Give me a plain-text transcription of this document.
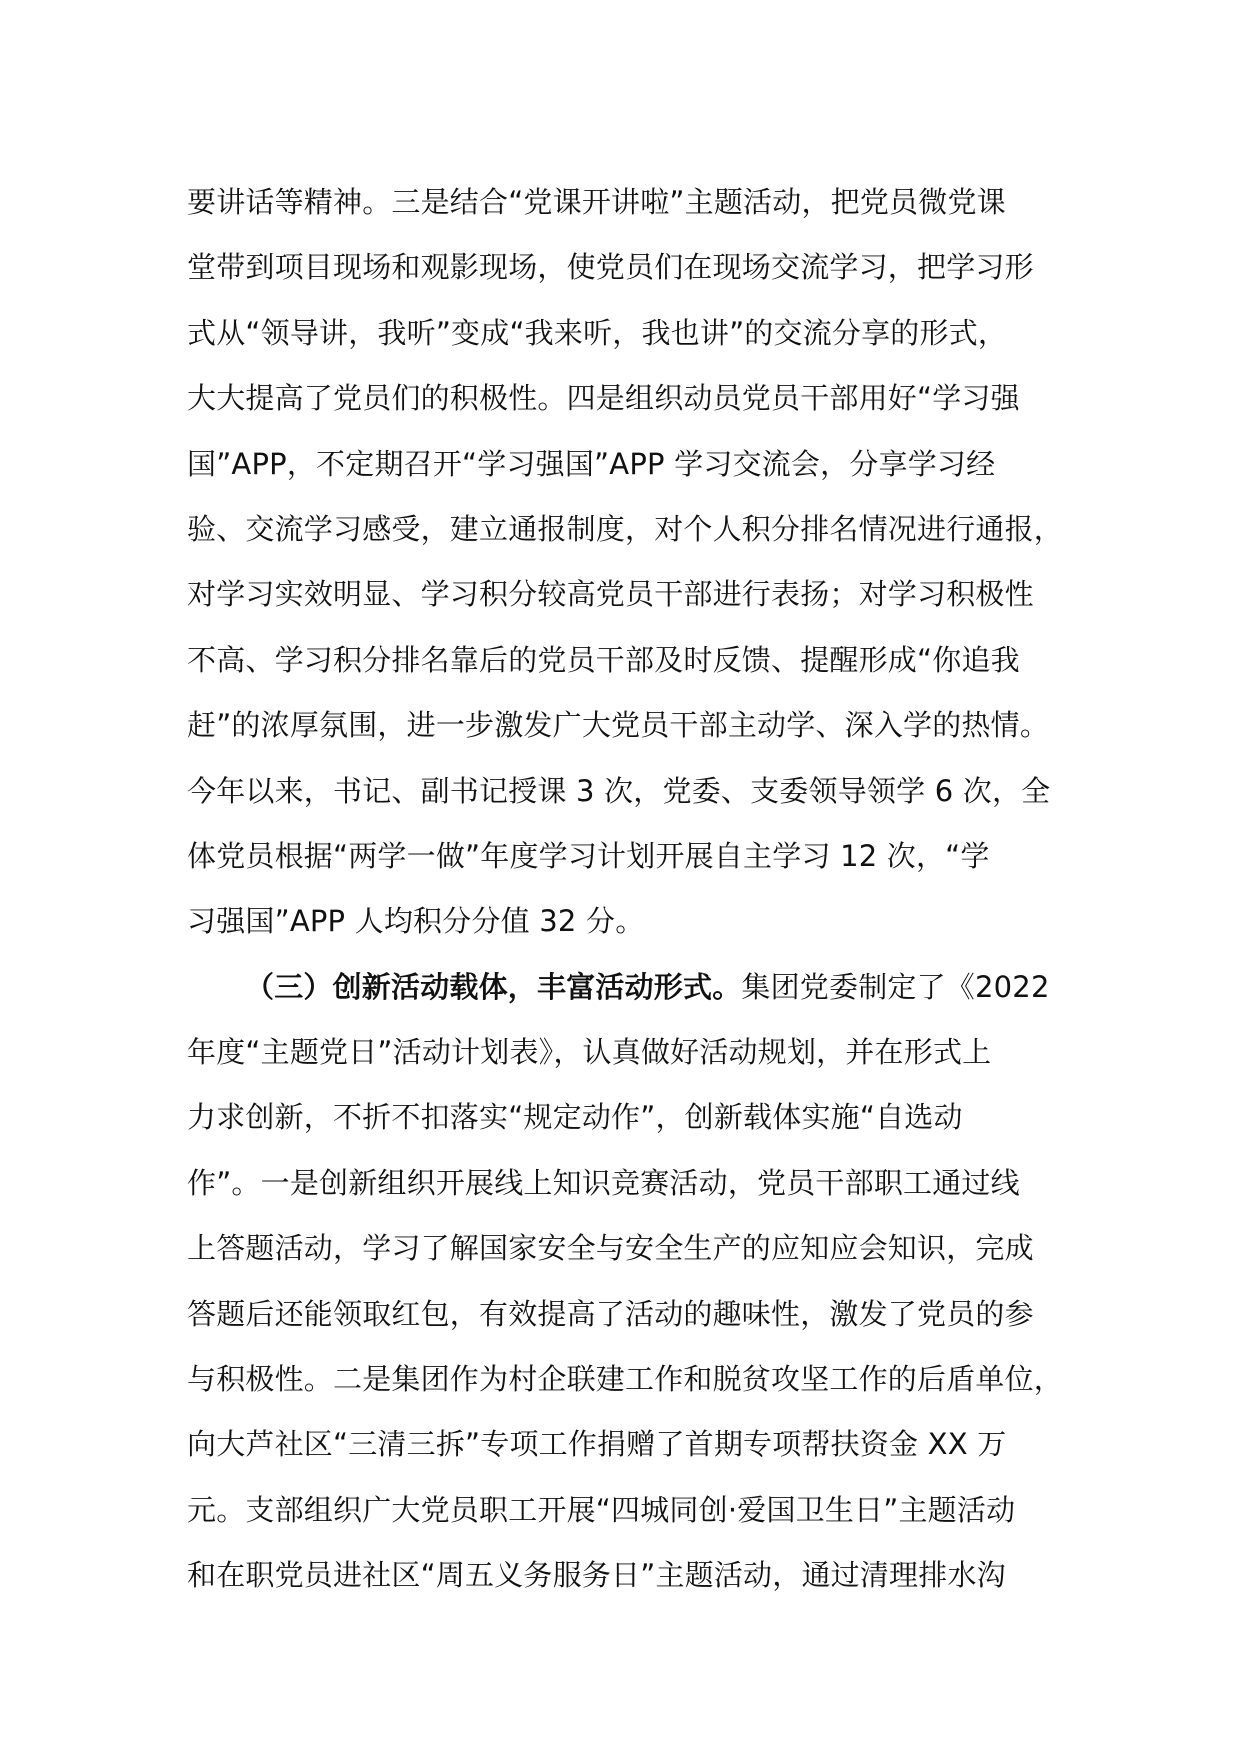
要讲话等精神。三是结合“党课开讲啦”主题活动，把党员微党课
堂带到项目现场和观影现场，使党员们在现场交流学习，把学习形
式从“领导讲，我听”变成“我来听，我也讲”的交流分享的形式，
大大提高了党员们的积极性。四是组织动员党员干部用好“学习强
国”APP，不定期召开“学习强国”APP 学习交流会，分享学习经
验、交流学习感受，建立通报制度，对个人积分排名情况进行通报，
对学习实效明显、学习积分较高党员干部进行表扬；对学习积极性
不高、学习积分排名靠后的党员干部及时反馈、提醒形成“你追我
赶”的浓厚氛围，进一步激发广大党员干部主动学、深入学的热情。
今年以来，书记、副书记授课 3 次，党委、支委领导领学 6 次，全
体党员根据“两学一做”年度学习计划开展自主学习 12 次，“学
习强国”APP 人均积分分值 32 分。
（三）创新活动载体，丰富活动形式。集团党委制定了《2022
年度“主题党日”活动计划表》，认真做好活动规划，并在形式上
力求创新，不折不扣落实“规定动作”，创新载体实施“自选动
作”。一是创新组织开展线上知识竞赛活动，党员干部职工通过线
上答题活动，学习了解国家安全与安全生产的应知应会知识，完成
答题后还能领取红包，有效提高了活动的趣味性，激发了党员的参
与积极性。二是集团作为村企联建工作和脱贫攻坚工作的后盾单位，
向大芦社区“三清三拆”专项工作捐赠了首期专项帮扶资金 XX 万
元。支部组织广大党员职工开展“四城同创·爱国卫生日”主题活动
和在职党员进社区“周五义务服务日”主题活动，通过清理排水沟
